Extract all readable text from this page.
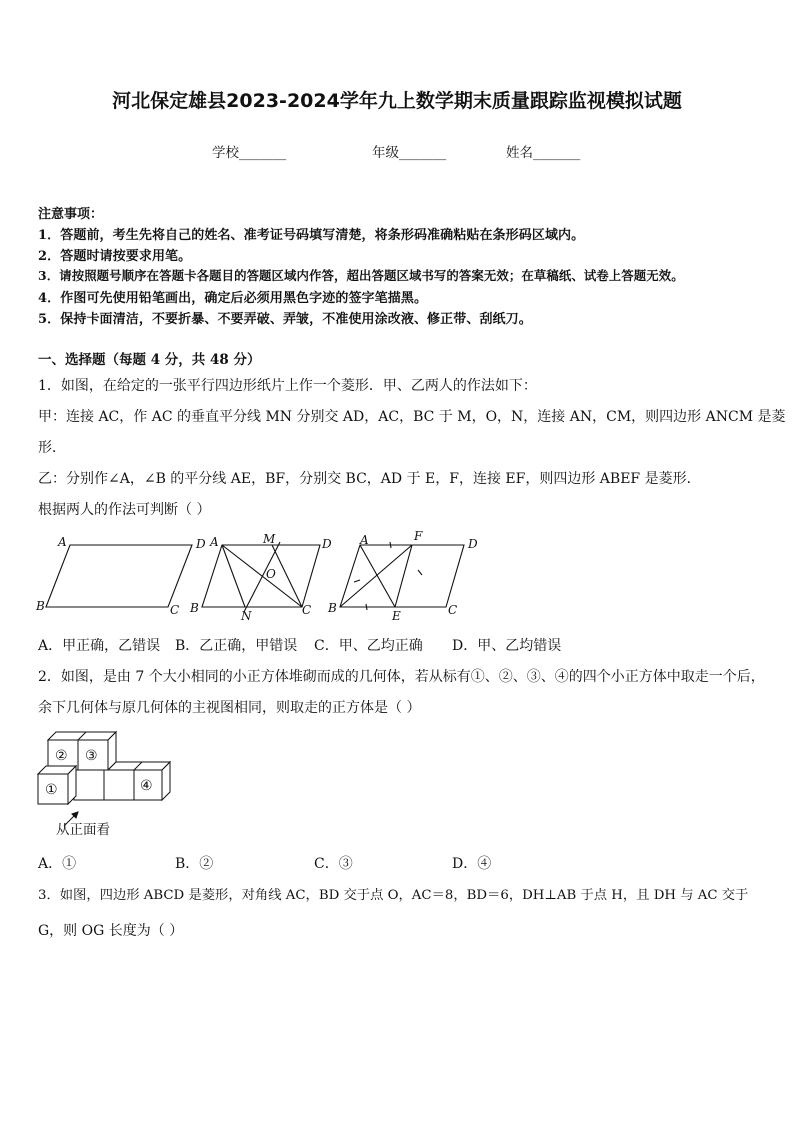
河北保定雄县2023-2024学年九上数学期末质量跟踪监视模拟试题
学校_______	年级_______	姓名_______
注意事项：
1．答题前，考生先将自己的姓名、准考证号码填写清楚，将条形码准确粘贴在条形码区域内。
2．答题时请按要求用笔。
3．请按照题号顺序在答题卡各题目的答题区域内作答，超出答题区域书写的答案无效；在草稿纸、试卷上答题无效。
4．作图可先使用铅笔画出，确定后必须用黑色字迹的签字笔描黑。
5．保持卡面清洁，不要折暴、不要弄破、弄皱，不准使用涂改液、修正带、刮纸刀。
一、选择题（每题 4 分，共 48 分）
1．如图，在给定的一张平行四边形纸片上作一个菱形．甲、乙两人的作法如下：
甲：连接 AC，作 AC 的垂直平分线 MN 分别交 AD，AC，BC 于 M，O，N，连接 AN，CM，则四边形 ANCM 是菱
形．
乙：分别作∠A，∠B 的平分线 AE，BF，分别交 BC，AD 于 E，F，连接 EF，则四边形 ABEF 是菱形．
根据两人的作法可判断（ ）
A	D
B	C
A	M	D
O
B
N	C
A	F
D
B
E	C
A．甲正确，乙错误 B．乙正确，甲错误 C．甲、乙均正确 D．甲、乙均错误
2．如图，是由 7 个大小相同的小正方体堆砌而成的几何体，若从标有①、②、③、④的四个小正方体中取走一个后，
余下几何体与原几何体的主视图相同，则取走的正方体是（ ）
② ③
①	④
从正面看
A．①	B．②	C．③	D．④
3．如图，四边形 ABCD 是菱形，对角线 AC，BD 交于点 O，AC＝8，BD＝6，DH⊥AB 于点 H，且 DH 与 AC 交于
G，则 OG 长度为（ ）
